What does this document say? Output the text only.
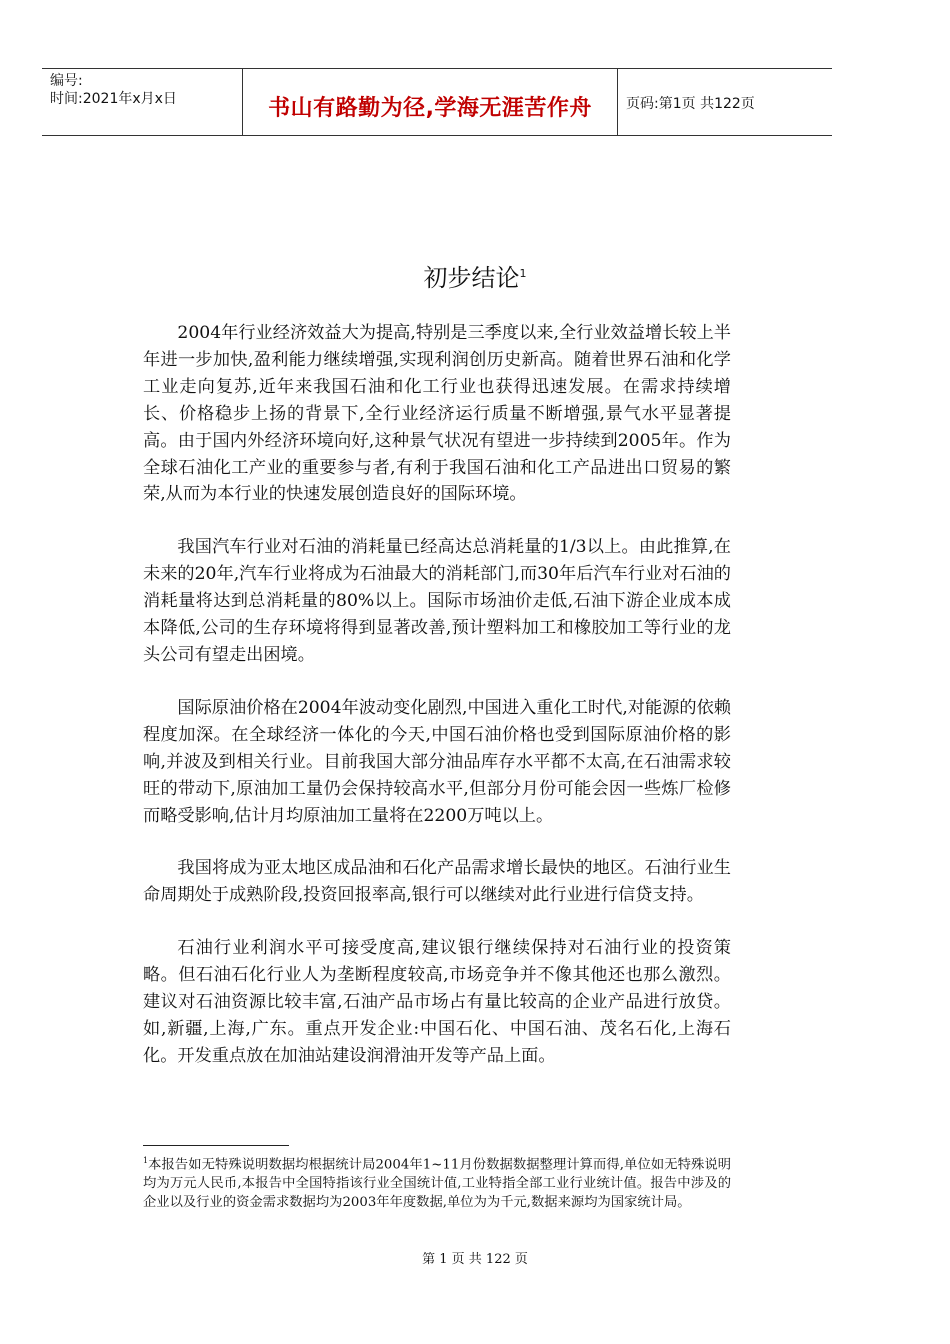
编号:
时间:2021年x月x日	书山有路勤为径,学海无涯苦作舟	页码:第1页 共122页
初步结论$^1$

2004年行业经济效益大为提高,特别是三季度以来,全行业效益增长较上半年进一步加快,盈利能力继续增强,实现利润创历史新高。随着世界石油和化学工业走向复苏,近年来我国石油和化工行业也获得迅速发展。在需求持续增长、价格稳步上扬的背景下,全行业经济运行质量不断增强,景气水平显著提高。由于国内外经济环境向好,这种景气状况有望进一步持续到2005年。作为全球石油化工产业的重要参与者,有利于我国石油和化工产品进出口贸易的繁荣,从而为本行业的快速发展创造良好的国际环境。

我国汽车行业对石油的消耗量已经高达总消耗量的1/3以上。由此推算,在未来的20年,汽车行业将成为石油最大的消耗部门,而30年后汽车行业对石油的消耗量将达到总消耗量的80%以上。国际市场油价走低,石油下游企业成本成本降低,公司的生存环境将得到显著改善,预计塑料加工和橡胶加工等行业的龙头公司有望走出困境。

国际原油价格在2004年波动变化剧烈,中国进入重化工时代,对能源的依赖程度加深。在全球经济一体化的今天,中国石油价格也受到国际原油价格的影响,并波及到相关行业。目前我国大部分油品库存水平都不太高,在石油需求较旺的带动下,原油加工量仍会保持较高水平,但部分月份可能会因一些炼厂检修而略受影响,估计月均原油加工量将在2200万吨以上。

我国将成为亚太地区成品油和石化产品需求增长最快的地区。石油行业生命周期处于成熟阶段,投资回报率高,银行可以继续对此行业进行信贷支持。

石油行业利润水平可接受度高,建议银行继续保持对石油行业的投资策略。但石油石化行业人为垄断程度较高,市场竞争并不像其他还也那么激烈。建议对石油资源比较丰富,石油产品市场占有量比较高的企业产品进行放贷。如,新疆,上海,广东。重点开发企业:中国石化、中国石油、茂名石化,上海石化。开发重点放在加油站建设润滑油开发等产品上面。

$^1$本报告如无特殊说明数据均根据统计局2004年1~11月份数据数据整理计算而得,单位如无特殊说明均为万元人民币,本报告中全国特指该行业全国统计值,工业特指全部工业行业统计值。报告中涉及的企业以及行业的资金需求数据均为2003年年度数据,单位为为千元,数据来源均为国家统计局。
第 1 页 共 122 页
